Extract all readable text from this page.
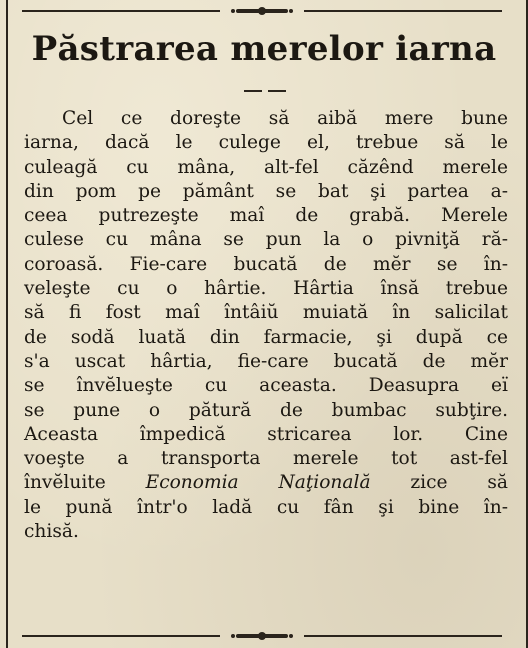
Păstrarea merelor iarna
Cel ce doreşte să aibă mere bune
iarna, dacă le culege el, trebue să le
culeagă cu mâna, alt-fel căzênd merele
din pom pe pământ se bat şi partea a-
ceea putrezeşte maî de grabă. Merele
culese cu mâna se pun la o pivniţă ră-
coroasă. Fie-care bucată de mĕr se în-
veleşte cu o hârtie. Hârtia însă trebue
să fi fost maî întâiŭ muiată în salicilat
de sodă luată din farmacie, şi după ce
s'a uscat hârtia, fie-care bucată de mĕr
se învĕlueşte cu aceasta. Deasupra eï
se pune o pătură de bumbac subţire.
Aceasta împedică stricarea lor. Cine
voeşte a transporta merele tot ast-fel
învĕluite Economia Naţională zice să
le pună într'o ladă cu fân şi bine în-
chisă.
